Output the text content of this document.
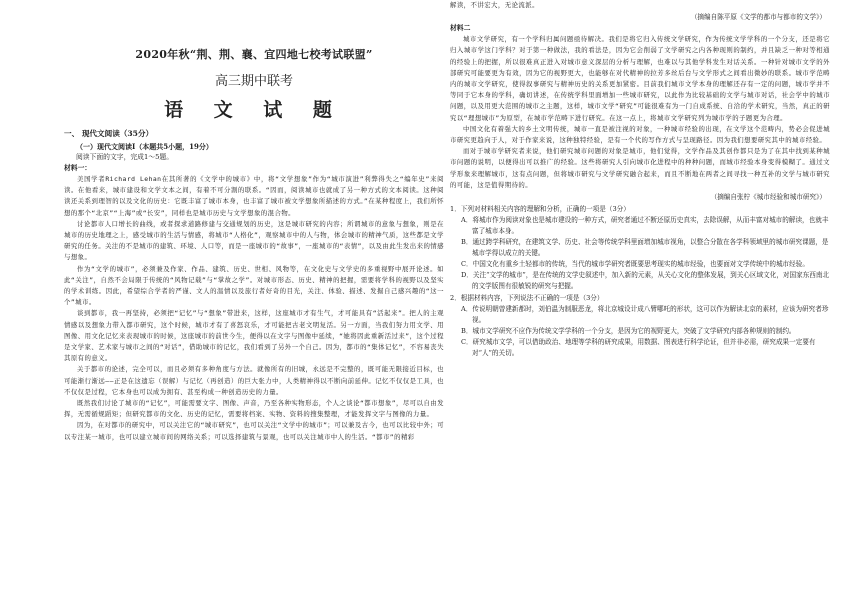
2020年秋“荆、荆、襄、宜四地七校考试联盟”
高三期中联考
语 文 试 题
一、 现代文阅读（35分）
（一）现代文阅读Ⅰ（本题共5小题，19分）
阅读下面的文字，完成1～5题。
材料一：

美国学者Richard Lehan在其所著的《文学中的城市》中，将“文学想象”作为“城市演进”利弊得失之“编年史”来阅读。在他看来，城市建设和文学文本之间，有着不可分割的联系。“因而，阅读城市也就成了另一种方式的文本阅读。这种阅读还关系到理智的以及文化的历史：它既丰富了城市本身，也丰富了城市被文学想象所描述的方式。”在某种程度上，我们所怀想的那个“北京”“上海”或“长安”，同样也是城市历史与文学想象的混合物。

讨论都市人口增长的曲线，或者探求道路修建与交通规划的历史，这是城市研究的内容；所谓城市的意象与想象，则是在城市的历史地理之上，感受城市的生活与情感，将城市“人格化”，观察城市中的人与物，体会城市的精神气质，这些都是文学研究的任务。关注的不是城市的建筑、环境、人口等，而是一座城市的“故事”，一座城市的“表情”，以及由此生发出来的情感与想象。

作为“文学的城市”，必须兼及作家、作品、建筑、历史、世相、风物等，在文化史与文学史的多重视野中展开论述。如此“关注”，自然不会局限于传统的“风物记载”与“掌故之学”。对城市形态、历史、精神的把握，需要将学科的视野以及坚实的学术训练。因此，希望综合学者的严谨、文人的温情以及旅行者好奇的目光，关注、体验、描述、发掘自己感兴趣的“这一个”城市。

谈到都市，我一再坚持，必须把“记忆”与“想象”带进来，这样，这座城市才有生气，才可能具有“活起来”。把人的主观情感以及想象力带入都市研究，这个时候，城市才有了喜怒哀乐，才可能把古老文明复活。另一方面，当我们努力用文学、用图像、用文化记忆来表现城市的时候，这座城市的前世今生，便得以在文字与图像中延续，“她将因此重新活过来”，这个过程是文学家、艺术家与城市之间的“对话”，借助城市的记忆，我们看到了另外一个自己。因为，都市的“集体记忆”，不容易丧失其原有的意义。

关于都市的论述，完全可以，而且必须有多种角度与方法。就像所有的旧城，永远是不完整的，既可能无限接近目标，也可能渐行渐远——正是在这遗忘（误解）与记忆（再创造）的巨大张力中，人类精神得以不断向前延伸。记忆不仅仅是工具，也不仅仅是过程，它本身也可以成为拥有、甚至构成一种创造历史的力量。

既然我们讨论了城市的“记忆”，可能需要文字、图像、声音，乃至各种实物形态，个人之谈论“都市想象”，尽可以自由发挥，无需循规蹈矩；但研究都市的文化、历史的记忆，需要将档案、实物、资料的搜集整理，才能发挥文字与图像的力量。

因为，在对都市的研究中，可以关注它的“城市研究”，也可以关注“文学中的城市”；可以兼及古今，也可以比较中外；可以专注某一城市，也可以建立城市间的网络关系；可以选择建筑与景观，也可以关注城市中人的生活。“都市”的精彩

解读，不讲宏大，无论流派。

（摘编自陈平原《文学的都市与都市的文学》）
材料二

城市文学研究，有一个学科归属问题亟待解决。我们是将它归入传统文学研究，作为传统文学学科的一个分支，还是将它归入城市学这门学科？对于第一种做法，我的看法是，因为它会削弱了文学研究之内各种现则的制约，并且缺乏一种对等相通的经验上的把握，所以很难真正进入对城市意义深层的分析与理解，也难以与其他学科发生对话关系。一种针对城市文学的外部研究可能要更为有效，因为它的视野更大，也能够在对代精神的拉芳多丝后台与文学形式之间看出微妙的联系。城市学范畴内的城市文学研究，使得叙事研究与精神历史的关系更加紧密。目前我们城市文学本身的理解还存有一定的问题，城市学并不等同于它本身的学科，确切讲述，在传统学科里面增加一些城市研究，以此作为比较基础的文学与城市对话，社会学中的城市问题，以及用更大范围的城市之主题，这样，城市文学“研究”可能很难有为一门自成系统、自洽的学术研究，当然，真正的研究以“理想城市”为原型，在城市学范畴下进行研究。在这一点上，将城市文学研究列为城市学的子题更为合理。

中国文化有着强大的乡土文明传统，城市一直是被注视的对象，一种城市经验的出现，在文学这个范畴内，势必会促进城市研究更趋向于人，对于作家来说，这种独特经验，是有一个代的写作方式与呈现路径。因为我们想要研究其中的城市经验。

而对于城市学研究者来说，他们研究城市问题的对象是城市，他们觉得，文学作品及其创作都只是为了在其中找到某种城市问题的说明，以便得出可以推广的经验。这些将研究人引向城市化进程中的种种问题，而城市经验本身变得模糊了。通过文学形象来理解城市，这有点问题，但将城市研究与文学研究融合起来，而且不断地在两者之间寻找一种互补的文学与城市研究的可能，这是值得期待的。

（摘编自张柠《城市经验和城市研究》）
1．下列对材料相关内容的理解和分析，正确的一项是（3分）
A．将城市作为阅读对象也是城市建设的一种方式，研究者通过不断还原历史真实，去除误解，从而丰富对城市的解读，也就丰富了城市本身。
B．通过跨学科研究，在建筑文学、历史、社会等传统学科里面增加城市视角，以整合分散在各学科领域里的城市研究课题，是城市学得以成立的关键。
C．中国文化有重乡土轻都市的传统，当代的城市学研究者既要思考现实的城市经验，也要面对文学传统中的城市经验。
D．关注“文学的城市”，是在传统的文学史叙述中，加入新的元素，从关心文化的整体发展，到关心区域文化，对国家东西南北的文学版图有很敏锐的研究与把握。
2．根据材料内容，下列说法不正确的一项是（3分）
A．传说明朝曾建新都时，刘伯温为制服恶龙，将北京城设计成八臂哪吒的形状，这可以作为解读北京的素材，应该为研究者珍视。
B．城市文学研究不应作为传统文学学科的一个分支，是因为它的视野更大，突破了文学研究内部各种规则的制约。
C．研究城市文学，可以借助政治、地理等学科的研究成果，用数据、图表进行科学论证，但并非必需，研究成果一定要有对“人”的关切。
